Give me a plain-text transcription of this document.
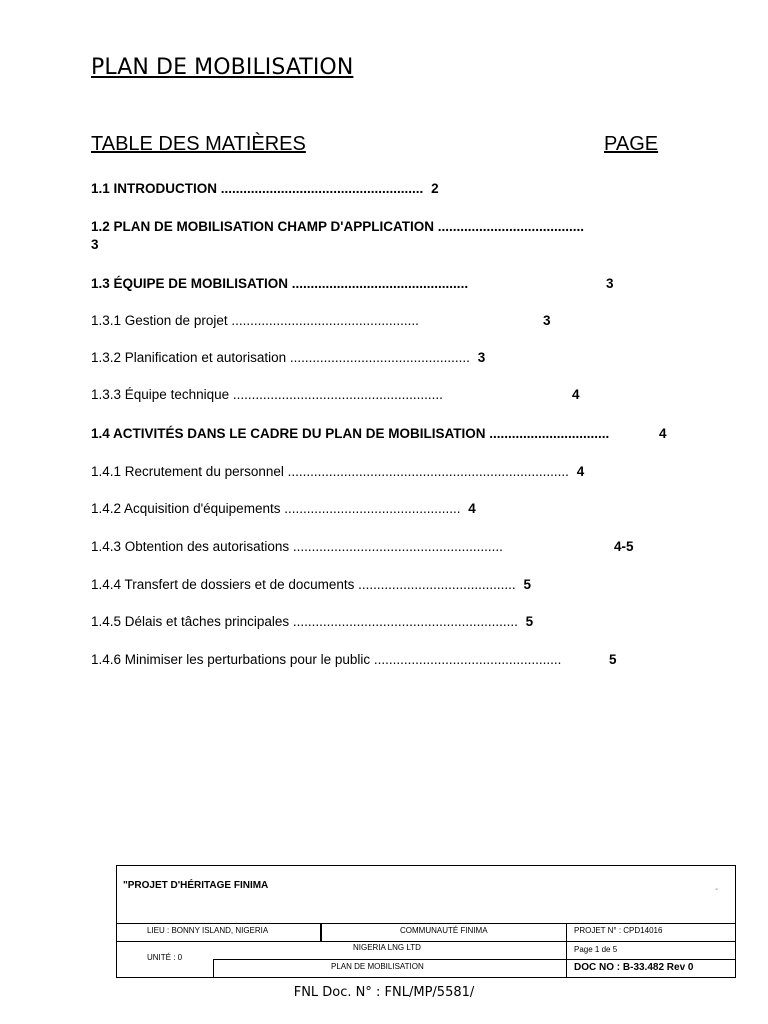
PLAN DE MOBILISATION
TABLE DES MATIÈRES	PAGE
1.1 INTRODUCTION ...................................................... 2
1.2 PLAN DE MOBILISATION CHAMP D'APPLICATION .......................................
3
1.3 ÉQUIPE DE MOBILISATION ...............................................	3
1.3.1 Gestion de projet ..................................................	3
1.3.2 Planification et autorisation ................................................ 3
1.3.3 Équipe technique ........................................................	4
1.4 ACTIVITÉS DANS LE CADRE DU PLAN DE MOBILISATION ................................	4
1.4.1 Recrutement du personnel ........................................................................... 4
1.4.2 Acquisition d'équipements ............................................... 4
1.4.3 Obtention des autorisations ........................................................	4-5
1.4.4 Transfert de dossiers et de documents .......................................... 5
1.4.5 Délais et tâches principales ............................................................ 5
1.4.6 Minimiser les perturbations pour le public ..................................................	5
"PROJET D'HÉRITAGE FINIMA	-
LIEU : BONNY ISLAND, NIGERIA	COMMUNAUTÉ FINIMA	PROJET N° : CPD14016
UNITÉ : 0
NIGERIA LNG LTD	Page 1 de 5
PLAN DE MOBILISATION	DOC NO : B-33.482 Rev 0
FNL Doc. N° : FNL/MP/5581/
